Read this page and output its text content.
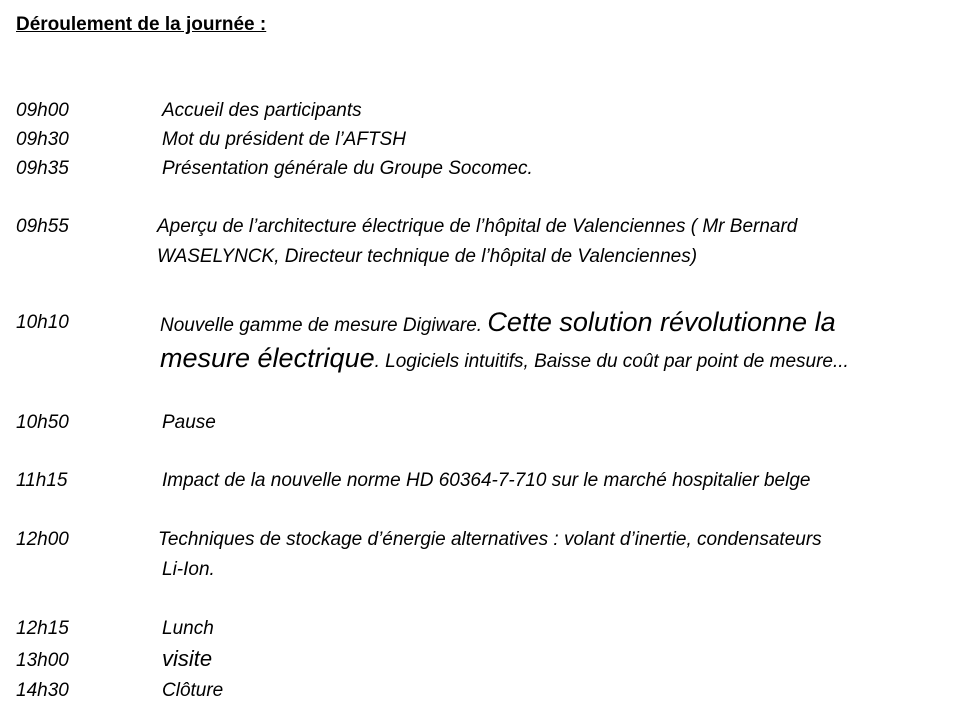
Déroulement de la journée :
09h00	Accueil des participants
09h30	Mot du président de l’AFTSH
09h35	Présentation générale du Groupe Socomec.
09h55	Aperçu de l’architecture électrique de l’hôpital de Valenciennes ( Mr Bernard
WASELYNCK, Directeur technique de l’hôpital de Valenciennes)
10h10	Nouvelle gamme de mesure Digiware. Cette solution révolutionne la
mesure électrique. Logiciels intuitifs, Baisse du coût par point de mesure...
10h50	Pause
11h15	Impact de la nouvelle norme HD 60364-7-710 sur le marché hospitalier belge
12h00	Techniques de stockage d’énergie alternatives : volant d’inertie, condensateurs
Li-Ion.
12h15	Lunch
13h00	visite
14h30	Clôture
